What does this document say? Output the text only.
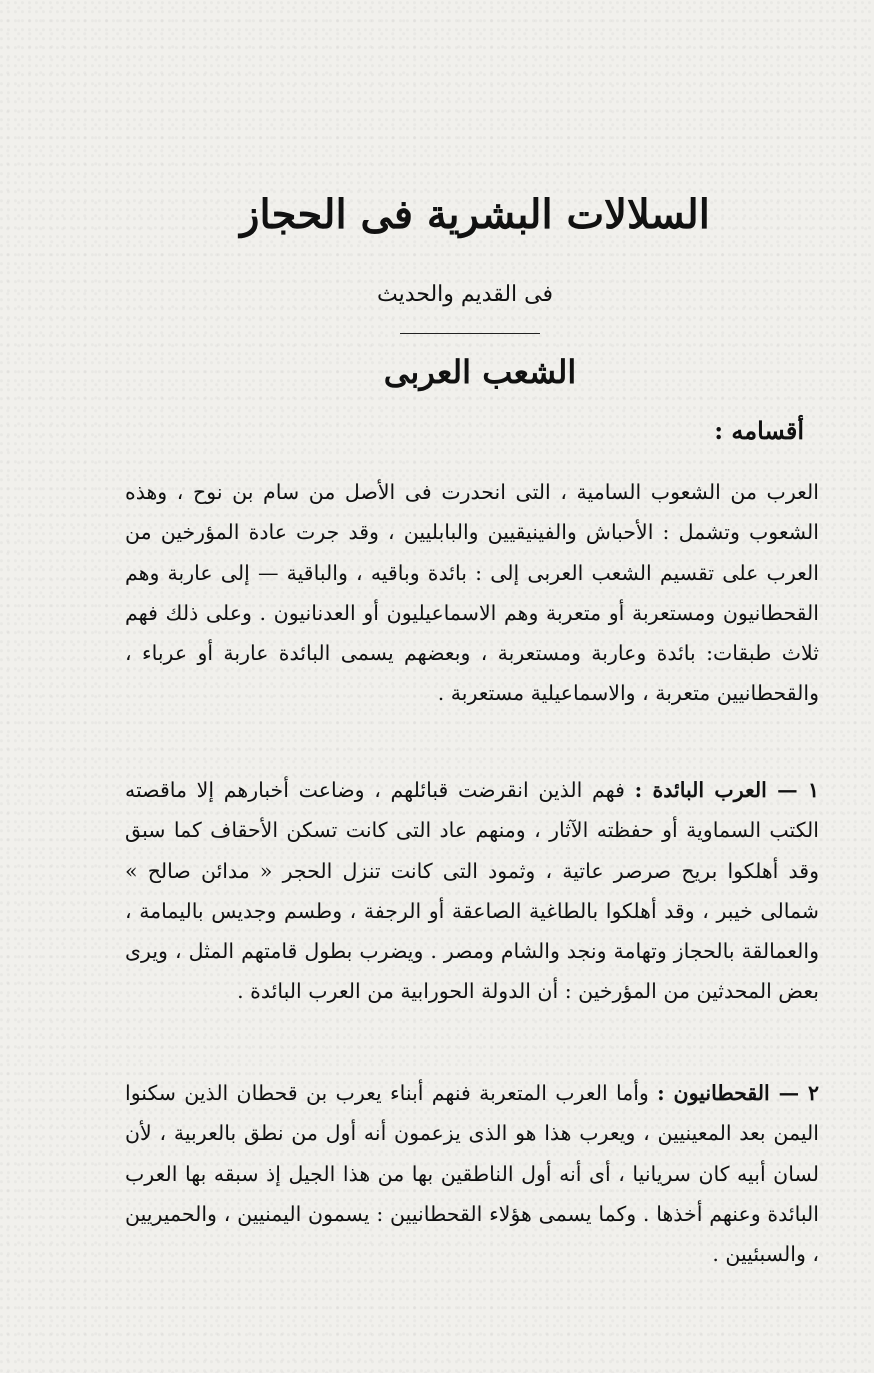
السلالات البشرية فى الحجاز
فى القديم والحديث
الشعب العربى
أقسامه :
العرب من الشعوب السامية ، التى انحدرت فى الأصل من سام بن نوح ، وهذه الشعوب وتشمل : الأحباش والفينيقيين والبابليين ، وقد جرت عادة المؤرخين من العرب على تقسيم الشعب العربى إلى : بائدة وباقيه ، والباقية — إلى عاربة وهم القحطانيون ومستعربة أو متعربة وهم الاسماعيليون أو العدنانيون . وعلى ذلك فهم ثلاث طبقات: بائدة وعاربة ومستعربة ، وبعضهم يسمى البائدة عاربة أو عرباء ، والقحطانيين متعربة ، والاسماعيلية مستعربة .
١ — العرب البائدة : فهم الذين انقرضت قبائلهم ، وضاعت أخبارهم إلا ماقصته الكتب السماوية أو حفظته الآثار ، ومنهم عاد التى كانت تسكن الأحقاف كما سبق وقد أهلكوا بريح صرصر عاتية ، وثمود التى كانت تنزل الحجر « مدائن صالح » شمالى خيبر ، وقد أهلكوا بالطاغية الصاعقة أو الرجفة ، وطسم وجديس باليمامة ، والعمالقة بالحجاز وتهامة ونجد والشام ومصر . ويضرب بطول قامتهم المثل ، ويرى بعض المحدثين من المؤرخين : أن الدولة الحورابية من العرب البائدة .
٢ — القحطانيون : وأما العرب المتعربة فنهم أبناء يعرب بن قحطان الذين سكنوا اليمن بعد المعينيين ، ويعرب هذا هو الذى يزعمون أنه أول من نطق بالعربية ، لأن لسان أبيه كان سريانيا ، أى أنه أول الناطقين بها من هذا الجيل إذ سبقه بها العرب البائدة وعنهم أخذها . وكما يسمى هؤلاء القحطانيين : يسمون اليمنيين ، والحميريين ، والسبئيين .
